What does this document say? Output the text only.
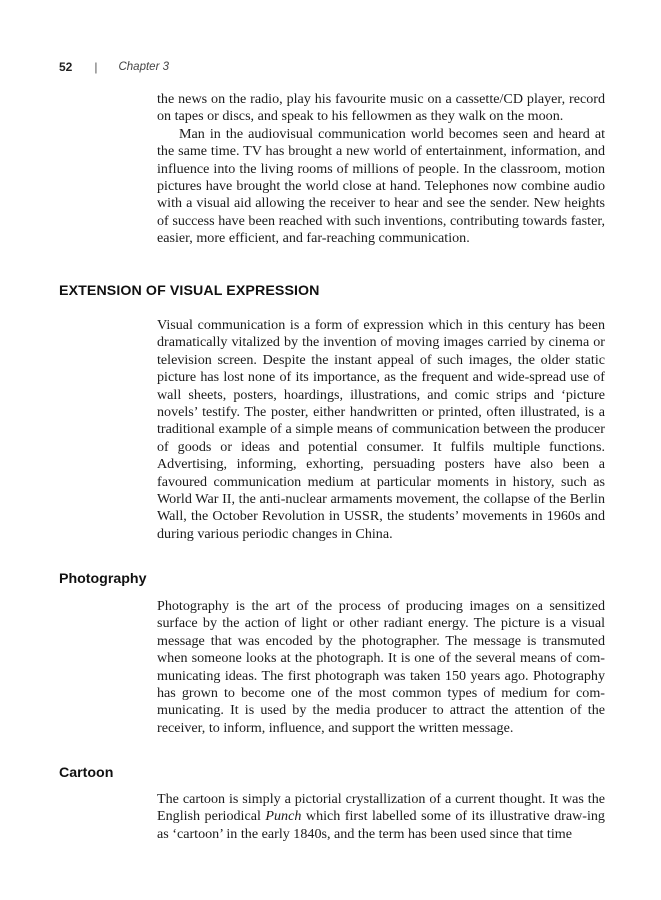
52 | Chapter 3

the news on the radio, play his favourite music on a cassette/CD player, record on tapes or discs, and speak to his fellowmen as they walk on the moon.

Man in the audiovisual communication world becomes seen and heard at the same time. TV has brought a new world of entertainment, information, and influence into the living rooms of millions of people. In the classroom, motion pictures have brought the world close at hand. Telephones now combine audio with a visual aid allowing the receiver to hear and see the sender. New heights of success have been reached with such inventions, contributing towards faster, easier, more efficient, and far-reaching communication.

EXTENSION OF VISUAL EXPRESSION

Visual communication is a form of expression which in this century has been dramatically vitalized by the invention of moving images carried by cinema or television screen. Despite the instant appeal of such images, the older static picture has lost none of its importance, as the frequent and wide-spread use of wall sheets, posters, hoardings, illustrations, and comic strips and ‘picture novels’ testify. The poster, either handwritten or printed, often illustrated, is a traditional example of a simple means of communication between the producer of goods or ideas and potential consumer. It fulfils multiple functions. Advertising, informing, exhorting, persuading posters have also been a favoured communication medium at particular moments in history, such as World War II, the anti-nuclear armaments movement, the collapse of the Berlin Wall, the October Revolution in USSR, the students’ movements in 1960s and during various periodic changes in China.

Photography

Photography is the art of the process of producing images on a sensitized surface by the action of light or other radiant energy. The picture is a visual message that was encoded by the photographer. The message is transmuted when someone looks at the photograph. It is one of the several means of com-municating ideas. The first photograph was taken 150 years ago. Photography has grown to become one of the most common types of medium for com-municating. It is used by the media producer to attract the attention of the receiver, to inform, influence, and support the written message.

Cartoon

The cartoon is simply a pictorial crystallization of a current thought. It was the English periodical Punch which first labelled some of its illustrative draw-ing as ‘cartoon’ in the early 1840s, and the term has been used since that time
